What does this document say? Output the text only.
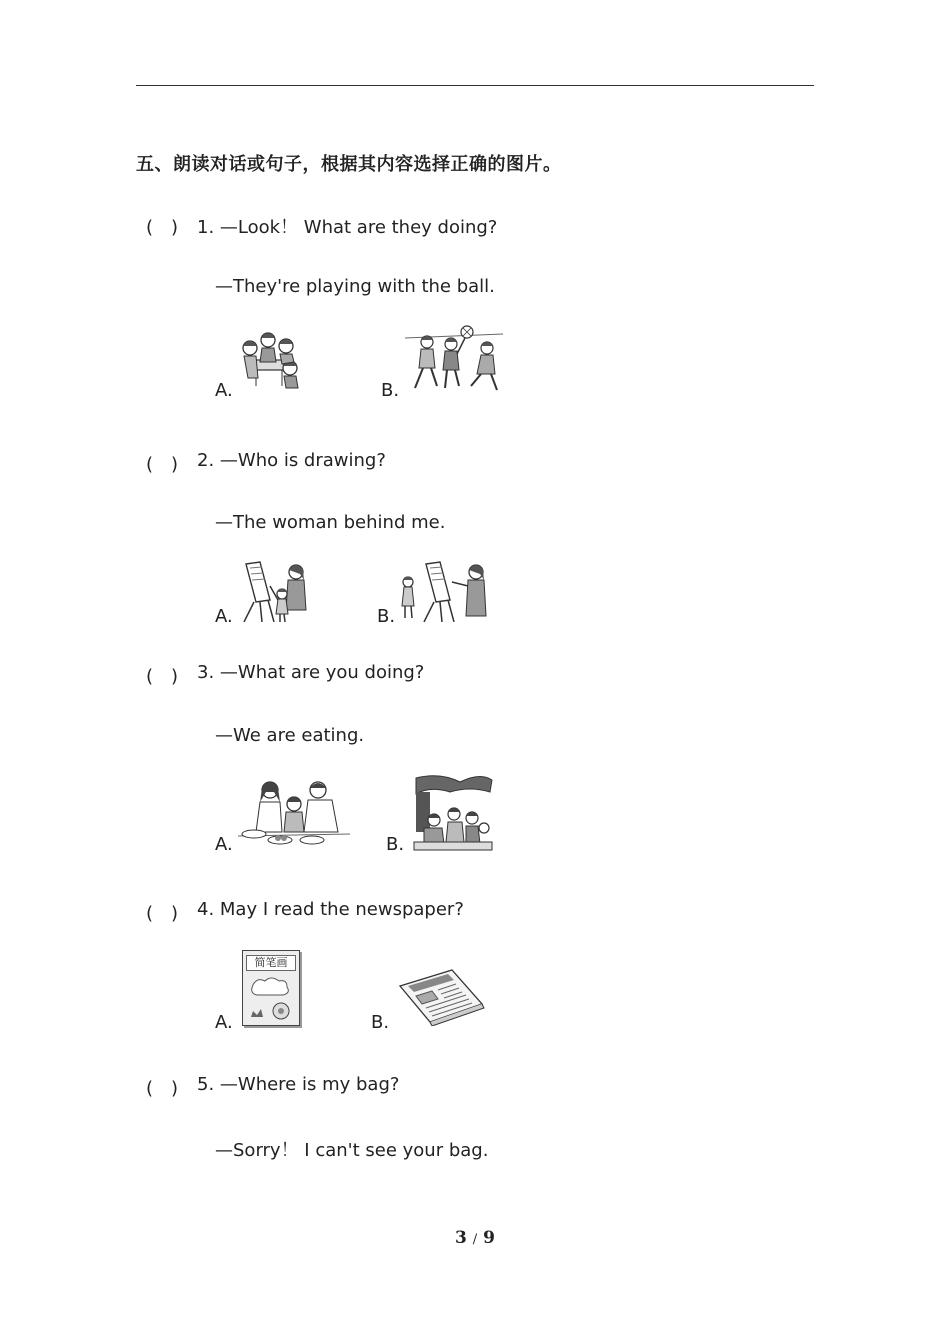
五、朗读对话或句子，根据其内容选择正确的图片。
(　) 1. —Look！ What are they doing?
—They're playing with the ball.
A.	B.
(　) 2. —Who is drawing?
—The woman behind me.
A.	B.
(　) 3. —What are you doing?
—We are eating.
A.	B.
(　) 4. May I read the newspaper?
A.
简笔画
B.
(　) 5. —Where is my bag?
—Sorry！ I can't see your bag.
3 / 9
